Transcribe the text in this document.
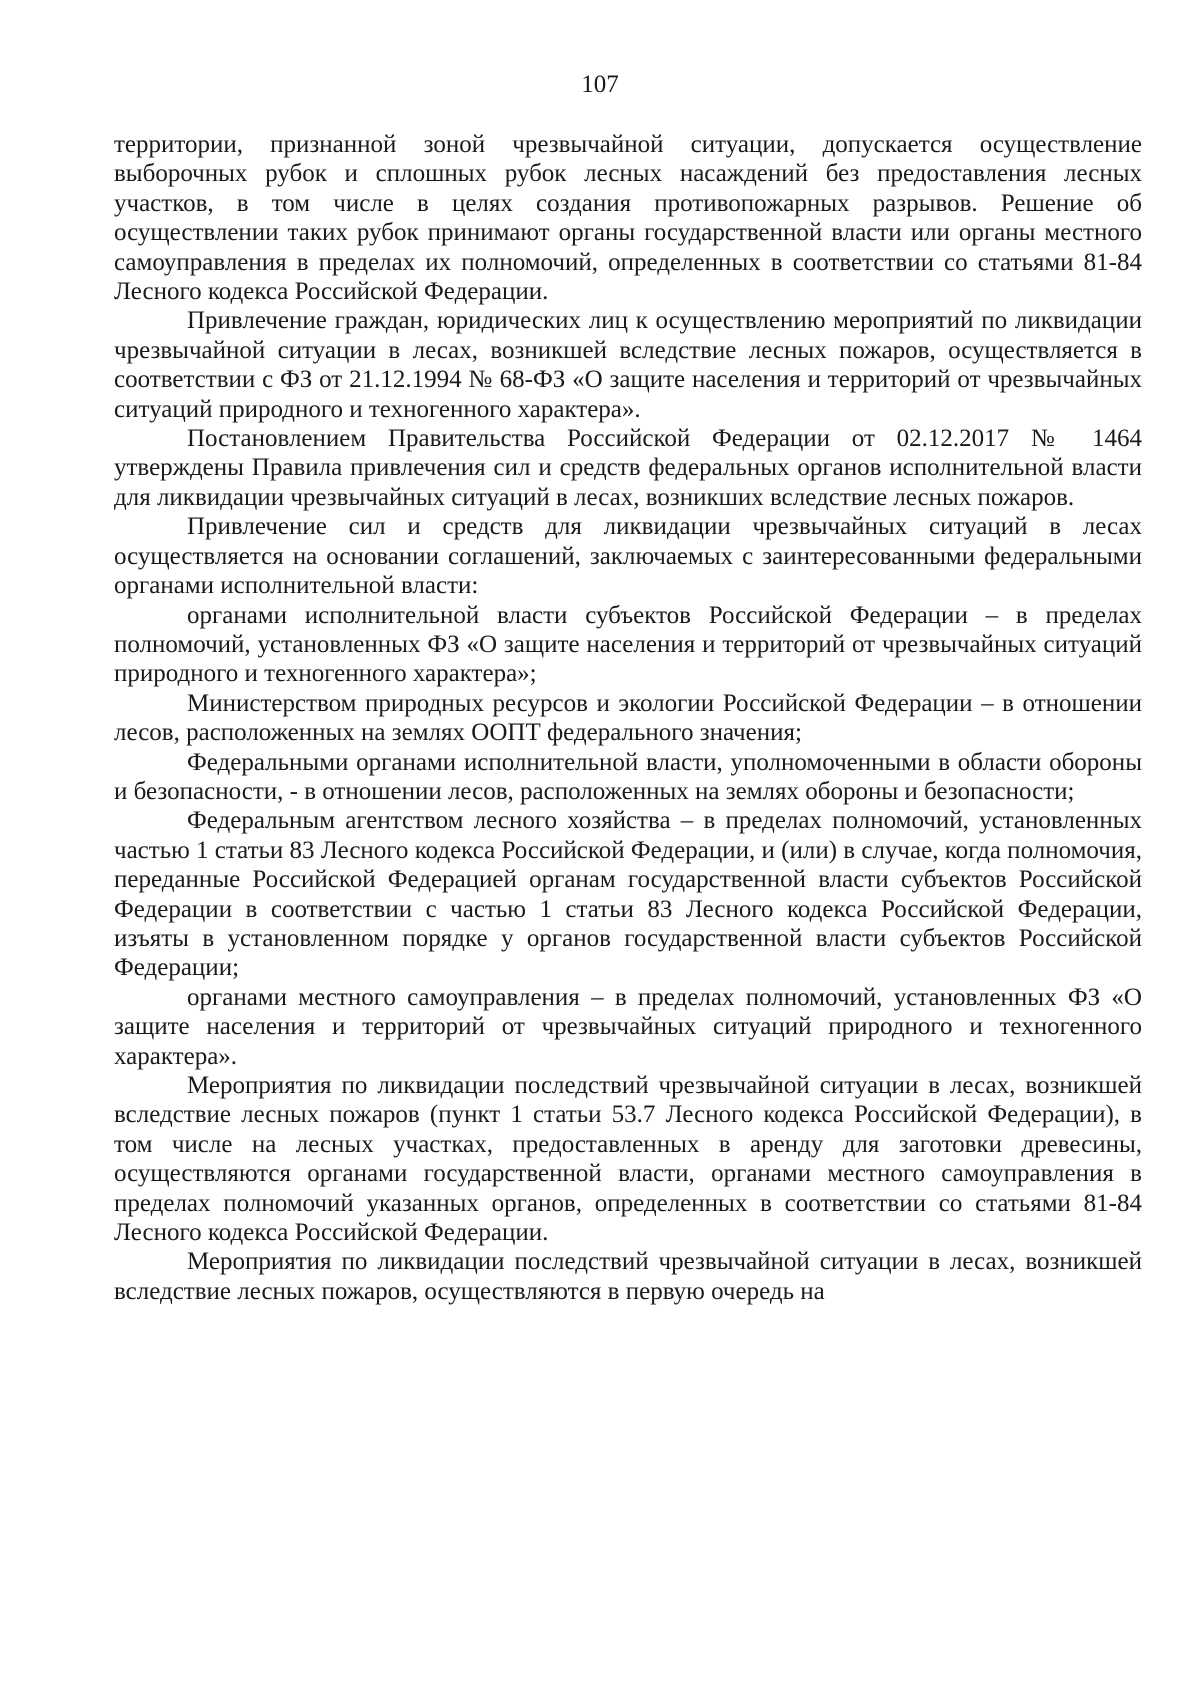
107

территории, признанной зоной чрезвычайной ситуации, допускается осуществление выборочных рубок и сплошных рубок лесных насаждений без предоставления лесных участков, в том числе в целях создания противопожарных разрывов. Решение об осуществлении таких рубок принимают органы государственной власти или органы местного самоуправления в пределах их полномочий, определенных в соответствии со статьями 81-84 Лесного кодекса Российской Федерации.

Привлечение граждан, юридических лиц к осуществлению мероприятий по ликвидации чрезвычайной ситуации в лесах, возникшей вследствие лесных пожаров, осуществляется в соответствии с ФЗ от 21.12.1994 № 68-ФЗ «О защите населения и территорий от чрезвычайных ситуаций природного и техногенного характера».

Постановлением Правительства Российской Федерации от 02.12.2017 № 1464 утверждены Правила привлечения сил и средств федеральных органов исполнительной власти для ликвидации чрезвычайных ситуаций в лесах, возникших вследствие лесных пожаров.

Привлечение сил и средств для ликвидации чрезвычайных ситуаций в лесах осуществляется на основании соглашений, заключаемых с заинтересованными федеральными органами исполнительной власти:

органами исполнительной власти субъектов Российской Федерации – в пределах полномочий, установленных ФЗ «О защите населения и территорий от чрезвычайных ситуаций природного и техногенного характера»;

Министерством природных ресурсов и экологии Российской Федерации – в отношении лесов, расположенных на землях ООПТ федерального значения;

Федеральными органами исполнительной власти, уполномоченными в области обороны и безопасности, - в отношении лесов, расположенных на землях обороны и безопасности;

Федеральным агентством лесного хозяйства – в пределах полномочий, установленных частью 1 статьи 83 Лесного кодекса Российской Федерации, и (или) в случае, когда полномочия, переданные Российской Федерацией органам государственной власти субъектов Российской Федерации в соответствии с частью 1 статьи 83 Лесного кодекса Российской Федерации, изъяты в установленном порядке у органов государственной власти субъектов Российской Федерации;

органами местного самоуправления – в пределах полномочий, установленных ФЗ «О защите населения и территорий от чрезвычайных ситуаций природного и техногенного характера».

Мероприятия по ликвидации последствий чрезвычайной ситуации в лесах, возникшей вследствие лесных пожаров (пункт 1 статьи 53.7 Лесного кодекса Российской Федерации), в том числе на лесных участках, предоставленных в аренду для заготовки древесины, осуществляются органами государственной власти, органами местного самоуправления в пределах полномочий указанных органов, определенных в соответствии со статьями 81-84 Лесного кодекса Российской Федерации.

Мероприятия по ликвидации последствий чрезвычайной ситуации в лесах, возникшей вследствие лесных пожаров, осуществляются в первую очередь на
